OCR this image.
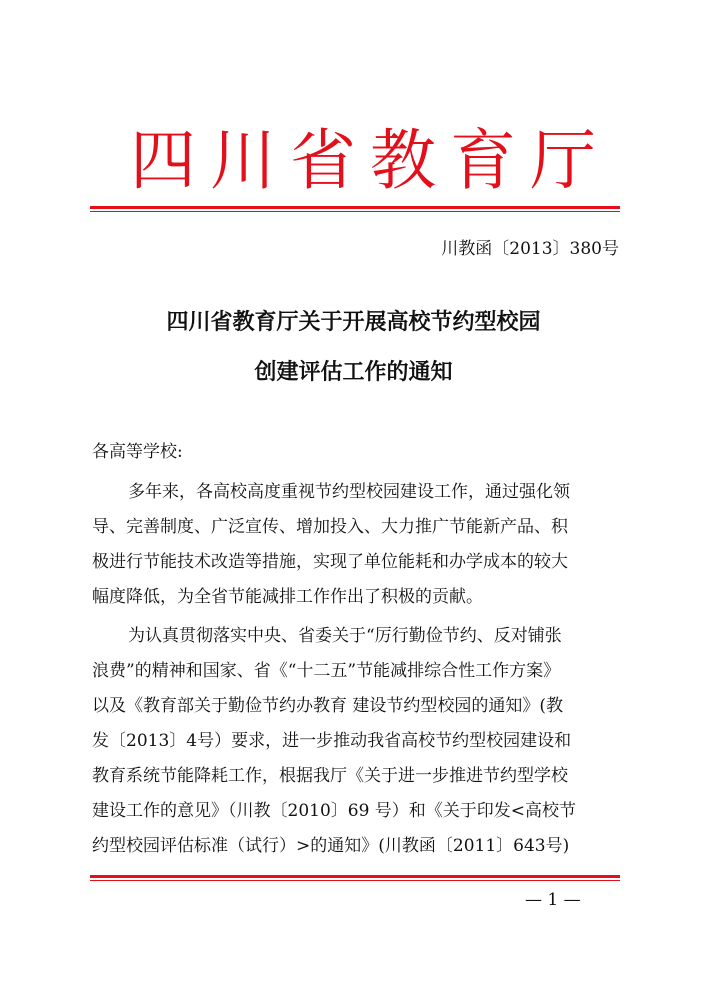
四川省教育厅
川教函〔2013〕380号
四川省教育厅关于开展高校节约型校园
创建评估工作的通知
各高等学校:
多年来，各高校高度重视节约型校园建设工作，通过强化领
导、完善制度、广泛宣传、增加投入、大力推广节能新产品、积
极进行节能技术改造等措施，实现了单位能耗和办学成本的较大
幅度降低，为全省节能减排工作作出了积极的贡献。
为认真贯彻落实中央、省委关于“厉行勤俭节约、反对铺张
浪费”的精神和国家、省《“十二五”节能减排综合性工作方案》
以及《教育部关于勤俭节约办教育 建设节约型校园的通知》(教
发〔2013〕4号）要求，进一步推动我省高校节约型校园建设和
教育系统节能降耗工作，根据我厅《关于进一步推进节约型学校
建设工作的意见》（川教〔2010〕69 号）和《关于印发<高校节
约型校园评估标准（试行）>的通知》(川教函〔2011〕643号)
— 1 —
